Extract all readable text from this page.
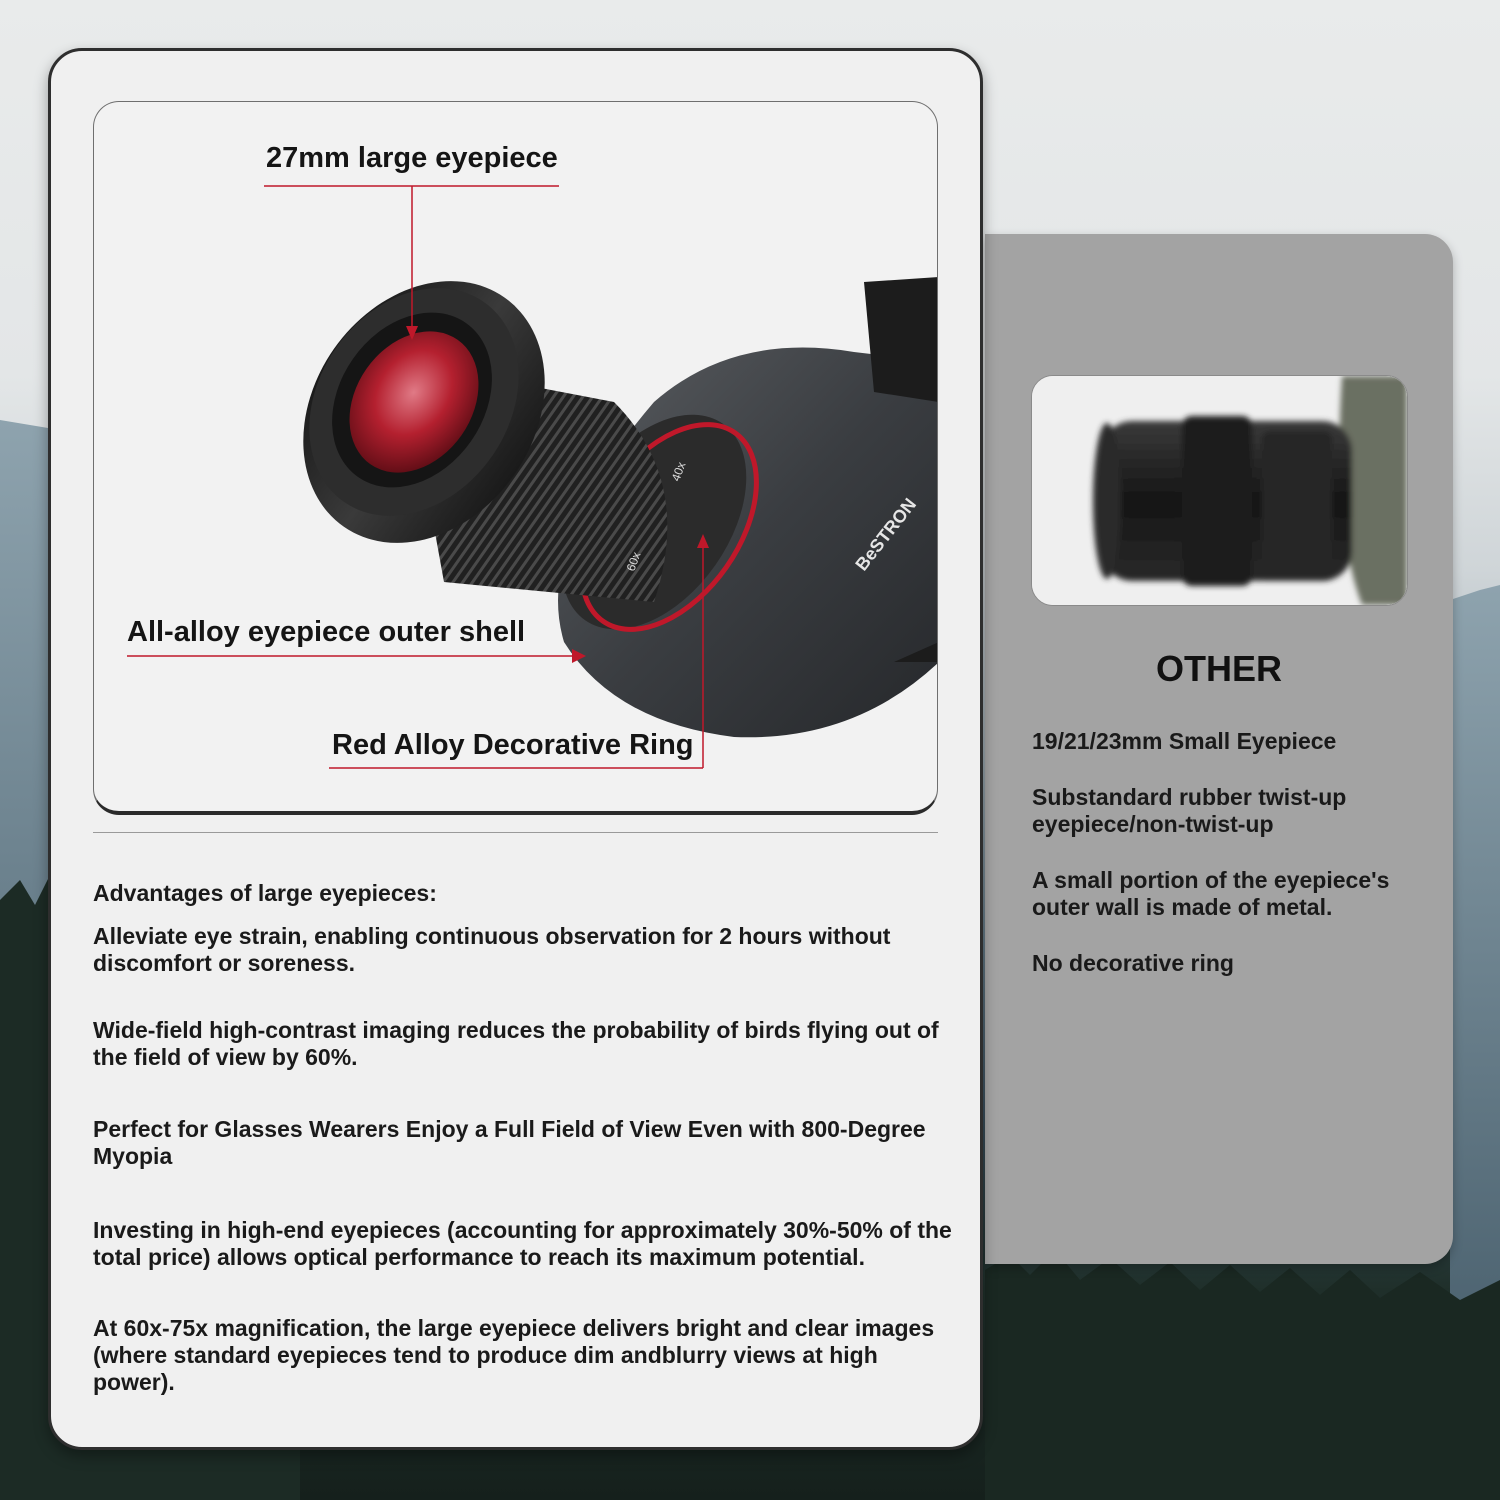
OTHER
19/21/23mm Small Eyepiece
Substandard rubber twist-up eyepiece/non-twist-up
A small portion of the eyepiece's outer wall is made of metal.
No decorative ring
BeSTRON
40x
60x
27mm large eyepiece
All-alloy eyepiece outer shell
Red Alloy Decorative Ring
Advantages of large eyepieces:
Alleviate eye strain, enabling continuous observation for 2 hours without discomfort or soreness.
Wide-field high-contrast imaging reduces the probability of birds flying out of the field of view by 60%.
Perfect for Glasses Wearers Enjoy a Full Field of View Even with 800-Degree Myopia
Investing in high-end eyepieces (accounting for approximately 30%-50% of the total price) allows optical performance to reach its maximum potential.
At 60x-75x magnification, the large eyepiece delivers bright and clear images (where standard eyepieces tend to produce dim andblurry views at high power).
